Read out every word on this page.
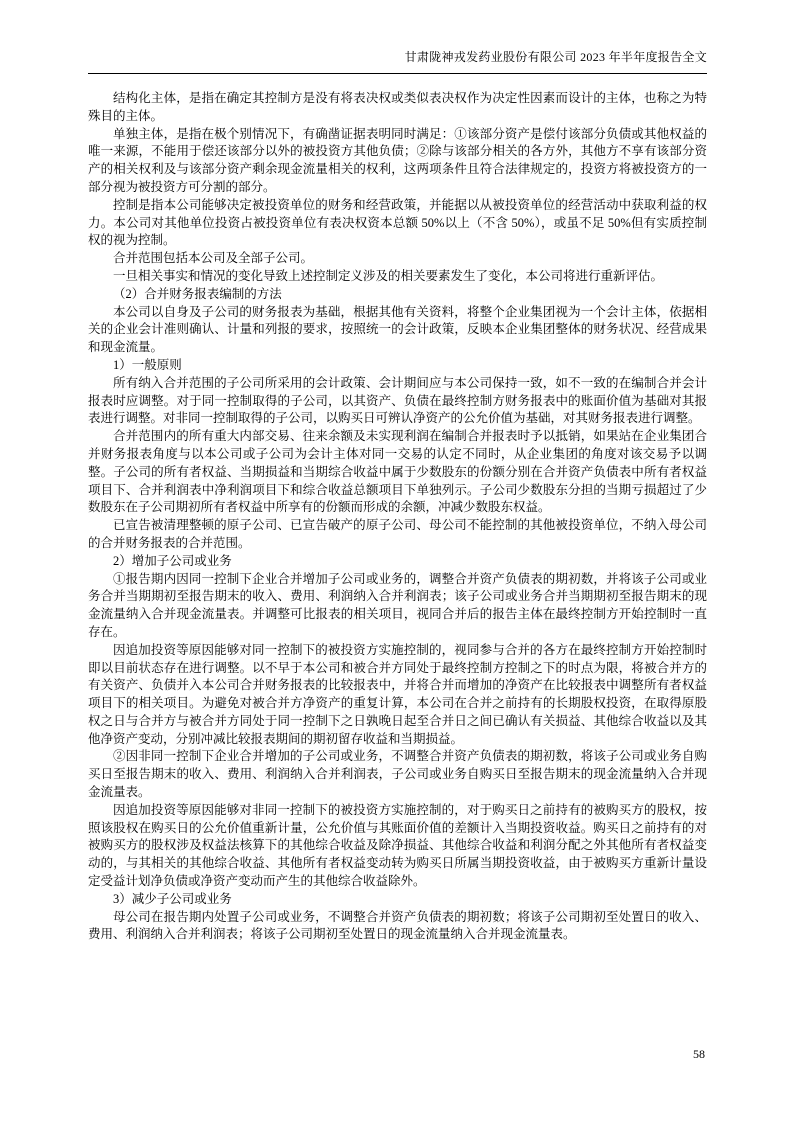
甘肃陇神戎发药业股份有限公司 2023 年半年度报告全文

结构化主体，是指在确定其控制方是没有将表决权或类似表决权作为决定性因素而设计的主体，也称之为特殊目的主体。

单独主体，是指在极个别情况下，有确凿证据表明同时满足：①该部分资产是偿付该部分负债或其他权益的唯一来源，不能用于偿还该部分以外的被投资方其他负债；②除与该部分相关的各方外，其他方不享有该部分资产的相关权利及与该部分资产剩余现金流量相关的权利，这两项条件且符合法律规定的，投资方将被投资方的一部分视为被投资方可分割的部分。

控制是指本公司能够决定被投资单位的财务和经营政策，并能据以从被投资单位的经营活动中获取利益的权力。本公司对其他单位投资占被投资单位有表决权资本总额 50%以上（不含 50%），或虽不足 50%但有实质控制权的视为控制。

合并范围包括本公司及全部子公司。

一旦相关事实和情况的变化导致上述控制定义涉及的相关要素发生了变化，本公司将进行重新评估。

（2）合并财务报表编制的方法

本公司以自身及子公司的财务报表为基础，根据其他有关资料，将整个企业集团视为一个会计主体，依据相关的企业会计准则确认、计量和列报的要求，按照统一的会计政策，反映本企业集团整体的财务状况、经营成果和现金流量。

1）一般原则

所有纳入合并范围的子公司所采用的会计政策、会计期间应与本公司保持一致，如不一致的在编制合并会计报表时应调整。对于同一控制取得的子公司，以其资产、负债在最终控制方财务报表中的账面价值为基础对其报表进行调整。对非同一控制取得的子公司，以购买日可辨认净资产的公允价值为基础，对其财务报表进行调整。

合并范围内的所有重大内部交易、往来余额及未实现利润在编制合并报表时予以抵销，如果站在企业集团合并财务报表角度与以本公司或子公司为会计主体对同一交易的认定不同时，从企业集团的角度对该交易予以调整。子公司的所有者权益、当期损益和当期综合收益中属于少数股东的份额分别在合并资产负债表中所有者权益项目下、合并利润表中净利润项目下和综合收益总额项目下单独列示。子公司少数股东分担的当期亏损超过了少数股东在子公司期初所有者权益中所享有的份额而形成的余额，冲减少数股东权益。

已宣告被清理整顿的原子公司、已宣告破产的原子公司、母公司不能控制的其他被投资单位，不纳入母公司的合并财务报表的合并范围。

2）增加子公司或业务

①报告期内因同一控制下企业合并增加子公司或业务的，调整合并资产负债表的期初数，并将该子公司或业务合并当期期初至报告期末的收入、费用、利润纳入合并利润表；该子公司或业务合并当期期初至报告期末的现金流量纳入合并现金流量表。并调整可比报表的相关项目，视同合并后的报告主体在最终控制方开始控制时一直存在。

因追加投资等原因能够对同一控制下的被投资方实施控制的，视同参与合并的各方在最终控制方开始控制时即以目前状态存在进行调整。以不早于本公司和被合并方同处于最终控制方控制之下的时点为限，将被合并方的有关资产、负债并入本公司合并财务报表的比较报表中，并将合并而增加的净资产在比较报表中调整所有者权益项目下的相关项目。为避免对被合并方净资产的重复计算，本公司在合并之前持有的长期股权投资，在取得原股权之日与合并方与被合并方同处于同一控制下之日孰晚日起至合并日之间已确认有关损益、其他综合收益以及其他净资产变动，分别冲减比较报表期间的期初留存收益和当期损益。

②因非同一控制下企业合并增加的子公司或业务，不调整合并资产负债表的期初数，将该子公司或业务自购买日至报告期末的收入、费用、利润纳入合并利润表，子公司或业务自购买日至报告期末的现金流量纳入合并现金流量表。

因追加投资等原因能够对非同一控制下的被投资方实施控制的，对于购买日之前持有的被购买方的股权，按照该股权在购买日的公允价值重新计量，公允价值与其账面价值的差额计入当期投资收益。购买日之前持有的对被购买方的股权涉及权益法核算下的其他综合收益及除净损益、其他综合收益和利润分配之外其他所有者权益变动的，与其相关的其他综合收益、其他所有者权益变动转为购买日所属当期投资收益，由于被购买方重新计量设定受益计划净负债或净资产变动而产生的其他综合收益除外。

3）减少子公司或业务

母公司在报告期内处置子公司或业务，不调整合并资产负债表的期初数；将该子公司期初至处置日的收入、费用、利润纳入合并利润表；将该子公司期初至处置日的现金流量纳入合并现金流量表。

58
